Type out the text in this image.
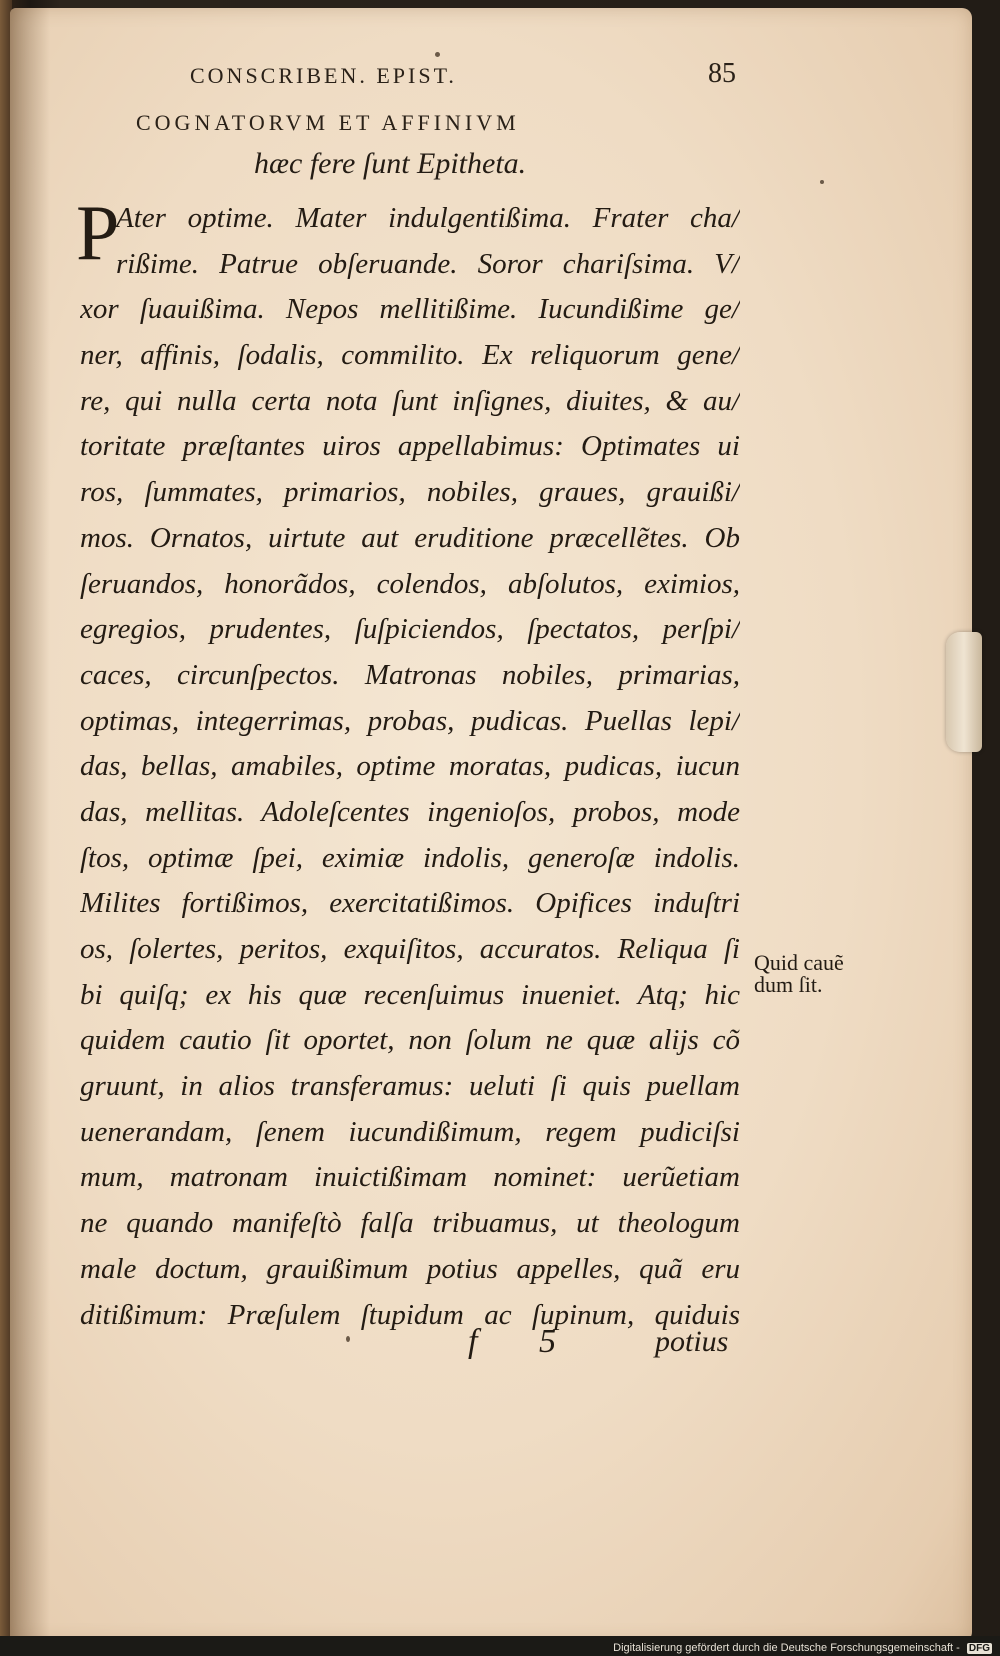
CONSCRIBEN. EPIST.	85
COGNATORVM ET AFFINIVM
hæc fere ſunt Epitheta.
P
Ater optime. Mater indulgentißima. Frater cha/
rißime. Patrue obſeruande. Soror chariſsima. V/
xor ſuauißima. Nepos mellitißime. Iucundißime ge/
ner, affinis, ſodalis, commilito. Ex reliquorum gene/
re, qui nulla certa nota ſunt inſignes, diuites, & au/
toritate præſtantes uiros appellabimus: Optimates ui
ros, ſummates, primarios, nobiles, graues, grauißi/
mos. Ornatos, uirtute aut eruditione præcellẽtes. Ob
ſeruandos, honorãdos, colendos, abſolutos, eximios,
egregios, prudentes, ſuſpiciendos, ſpectatos, perſpi/
caces, circunſpectos. Matronas nobiles, primarias,
optimas, integerrimas, probas, pudicas. Puellas lepi/
das, bellas, amabiles, optime moratas, pudicas, iucun
das, mellitas. Adoleſcentes ingenioſos, probos, mode
ſtos, optimæ ſpei, eximiæ indolis, generoſæ indolis.
Milites fortißimos, exercitatißimos. Opifices induſtri
os, ſolertes, peritos, exquiſitos, accuratos. Reliqua ſi
bi quiſq; ex his quæ recenſuimus inueniet. Atq; hic
quidem cautio ſit oportet, non ſolum ne quæ alijs cõ
gruunt, in alios transferamus: ueluti ſi quis puellam
uenerandam, ſenem iucundißimum, regem pudiciſsi
mum, matronam inuictißimam nominet: uerũetiam
ne quando manifeſtò falſa tribuamus, ut theologum
male doctum, grauißimum potius appelles, quã eru
ditißimum: Præſulem ſtupidum ac ſupinum, quiduis
Quid cauẽ
dum ſit.
f 5	potius
Digitalisierung gefördert durch die Deutsche Forschungsgemeinschaft - DFG
